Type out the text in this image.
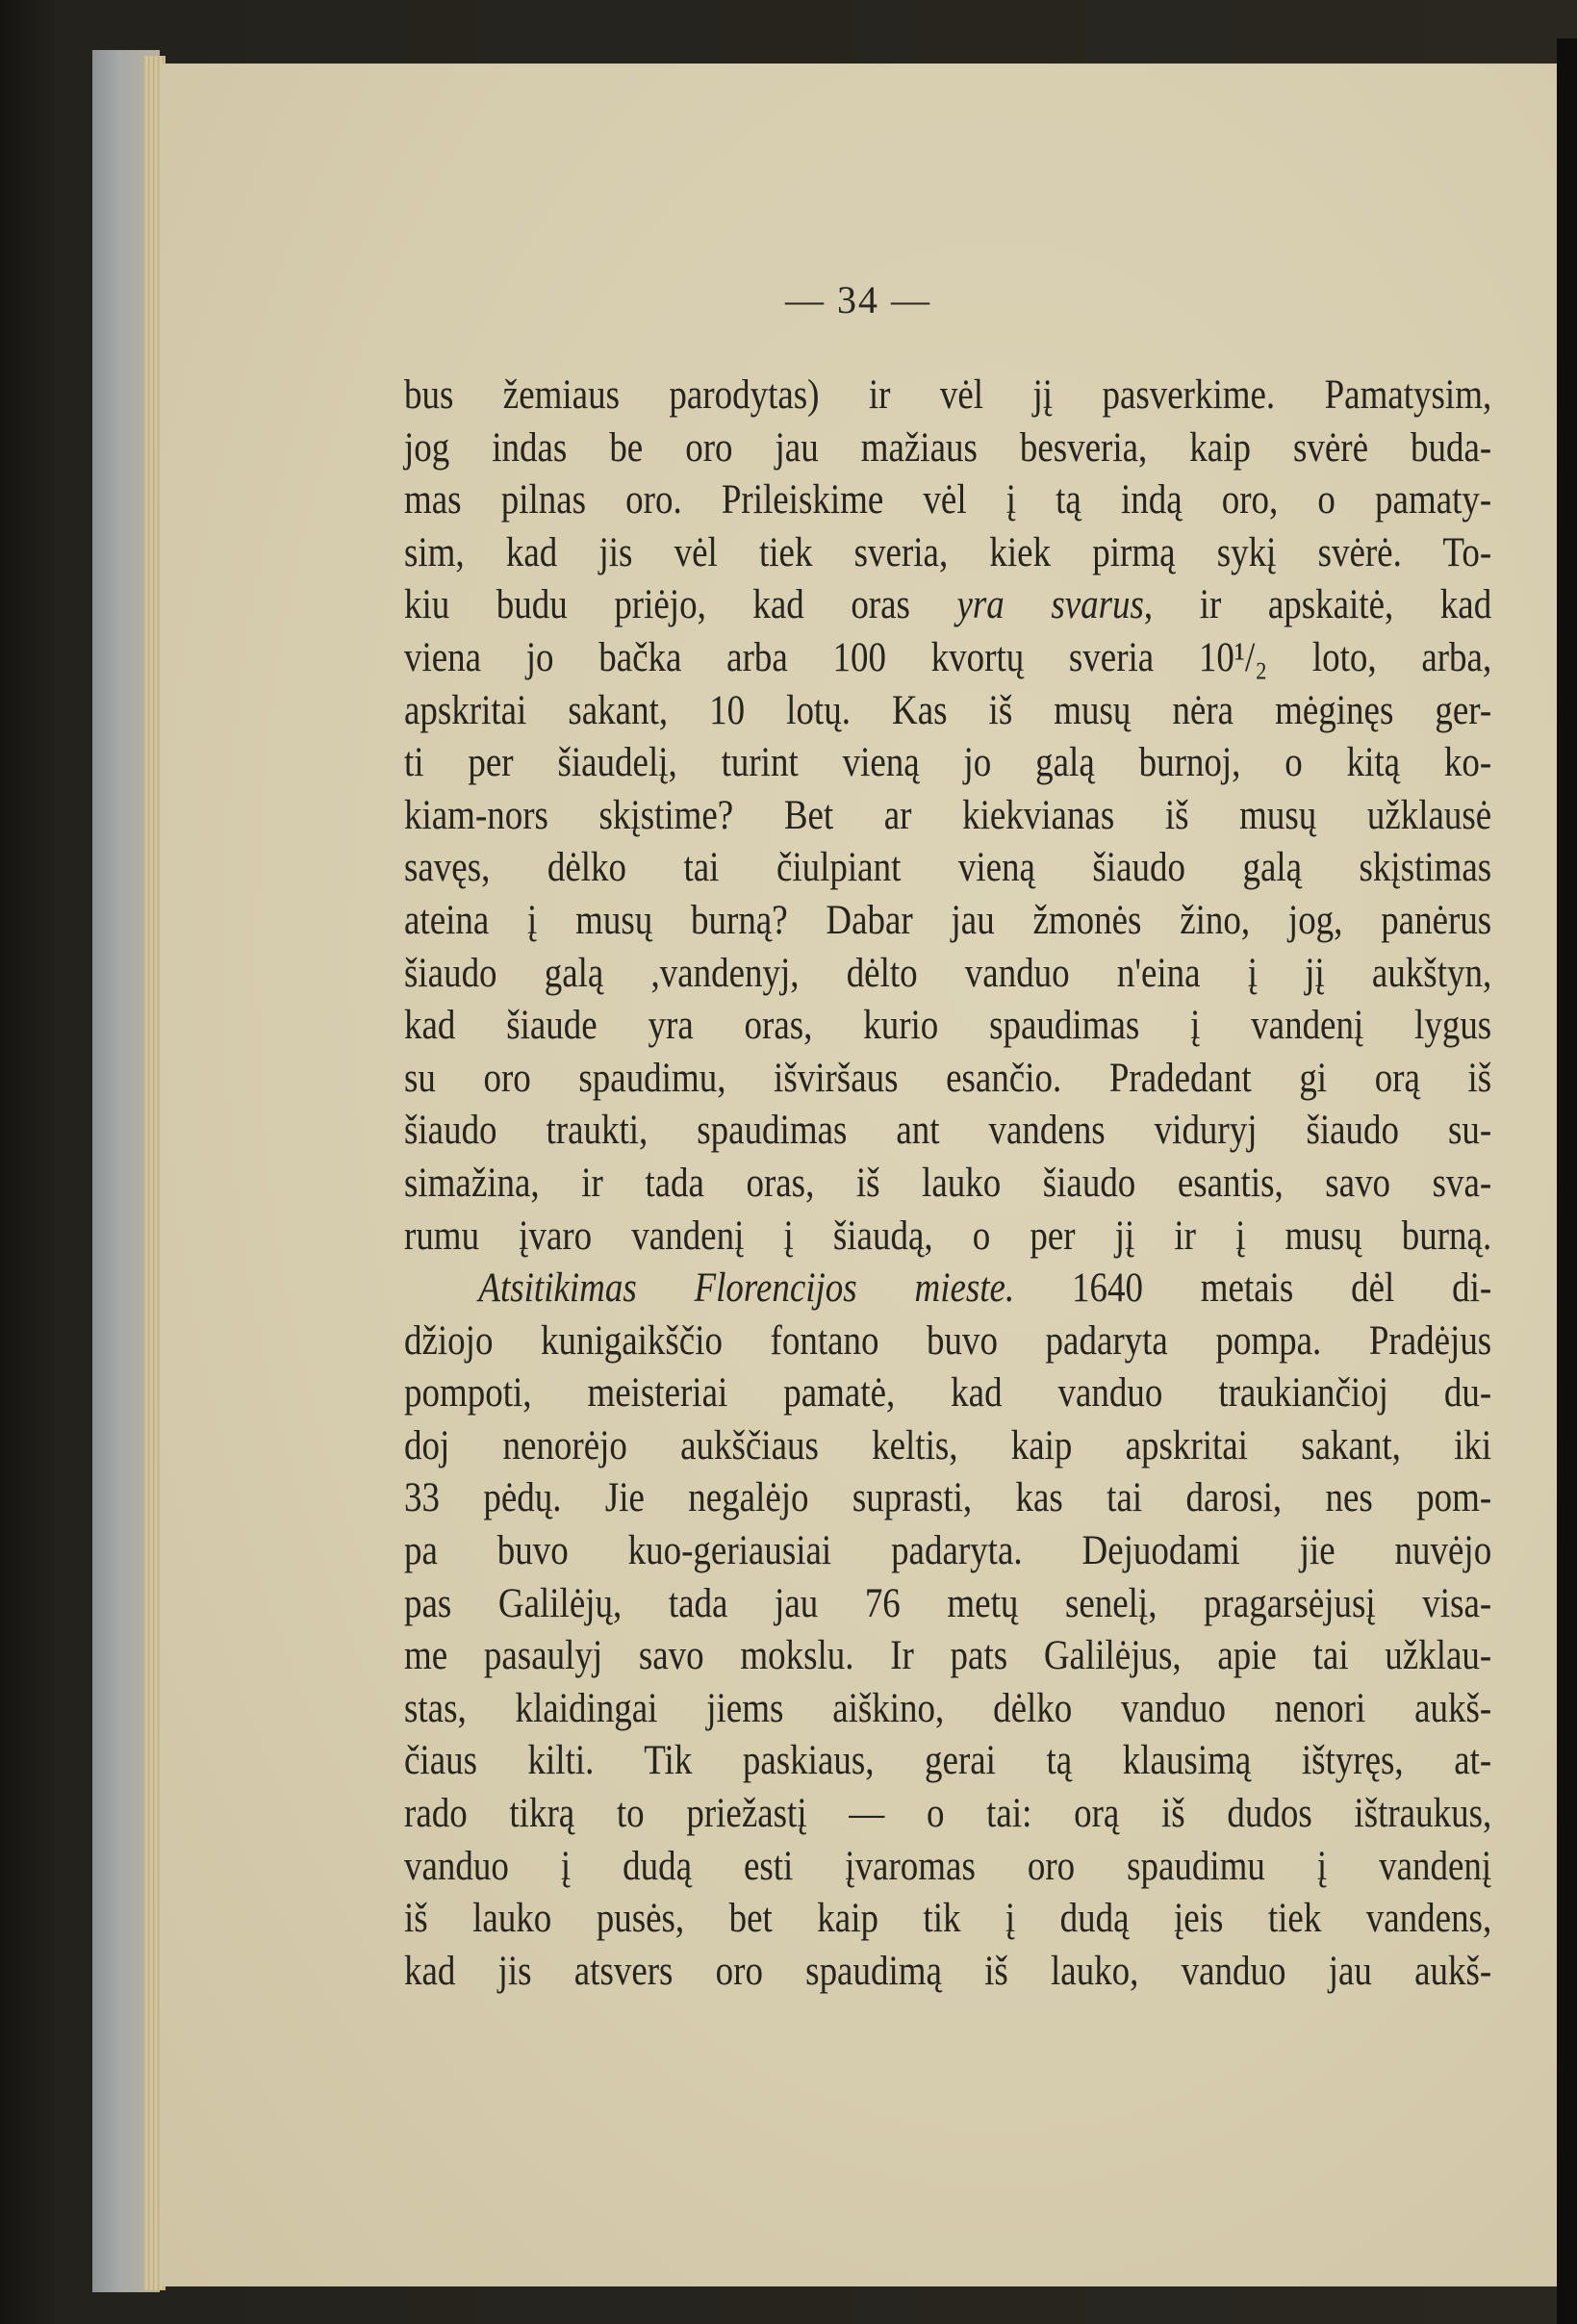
— 34 —
bus žemiaus parodytas) ir vėl jį pasverkime. Pamatysim,
jog indas be oro jau mažiaus besveria, kaip svėrė buda-
mas pilnas oro. Prileiskime vėl į tą indą oro, o pamaty-
sim, kad jis vėl tiek sveria, kiek pirmą sykį svėrė. To-
kiu budu priėjo, kad oras yra svarus, ir apskaitė, kad
viena jo bačka arba 100 kvortų sveria 10¹/₂ loto, arba,
apskritai sakant, 10 lotų. Kas iš musų nėra mėginęs ger-
ti per šiaudelį, turint vieną jo galą burnoj, o kitą ko-
kiam-nors skįstime? Bet ar kiekvianas iš musų užklausė
savęs, dėlko tai čiulpiant vieną šiaudo galą skįstimas
ateina į musų burną? Dabar jau žmonės žino, jog, panėrus
šiaudo galą ,vandenyj, dėlto vanduo n'eina į jį aukštyn,
kad šiaude yra oras, kurio spaudimas į vandenį lygus
su oro spaudimu, išviršaus esančio. Pradedant gi orą iš
šiaudo traukti, spaudimas ant vandens viduryj šiaudo su-
simažina, ir tada oras, iš lauko šiaudo esantis, savo sva-
rumu įvaro vandenį į šiaudą, o per jį ir į musų burną.
Atsitikimas Florencijos mieste. 1640 metais dėl di-
džiojo kunigaikščio fontano buvo padaryta pompa. Pradėjus
pompoti, meisteriai pamatė, kad vanduo traukiančioj du-
doj nenorėjo aukščiaus keltis, kaip apskritai sakant, iki
33 pėdų. Jie negalėjo suprasti, kas tai darosi, nes pom-
pa buvo kuo-geriausiai padaryta. Dejuodami jie nuvėjo
pas Galilėjų, tada jau 76 metų senelį, pragarsėjusį visa-
me pasaulyj savo mokslu. Ir pats Galilėjus, apie tai užklau-
stas, klaidingai jiems aiškino, dėlko vanduo nenori aukš-
čiaus kilti. Tik paskiaus, gerai tą klausimą ištyręs, at-
rado tikrą to priežastį — o tai: orą iš dudos ištraukus,
vanduo į dudą esti įvaromas oro spaudimu į vandenį
iš lauko pusės, bet kaip tik į dudą įeis tiek vandens,
kad jis atsvers oro spaudimą iš lauko, vanduo jau aukš-
